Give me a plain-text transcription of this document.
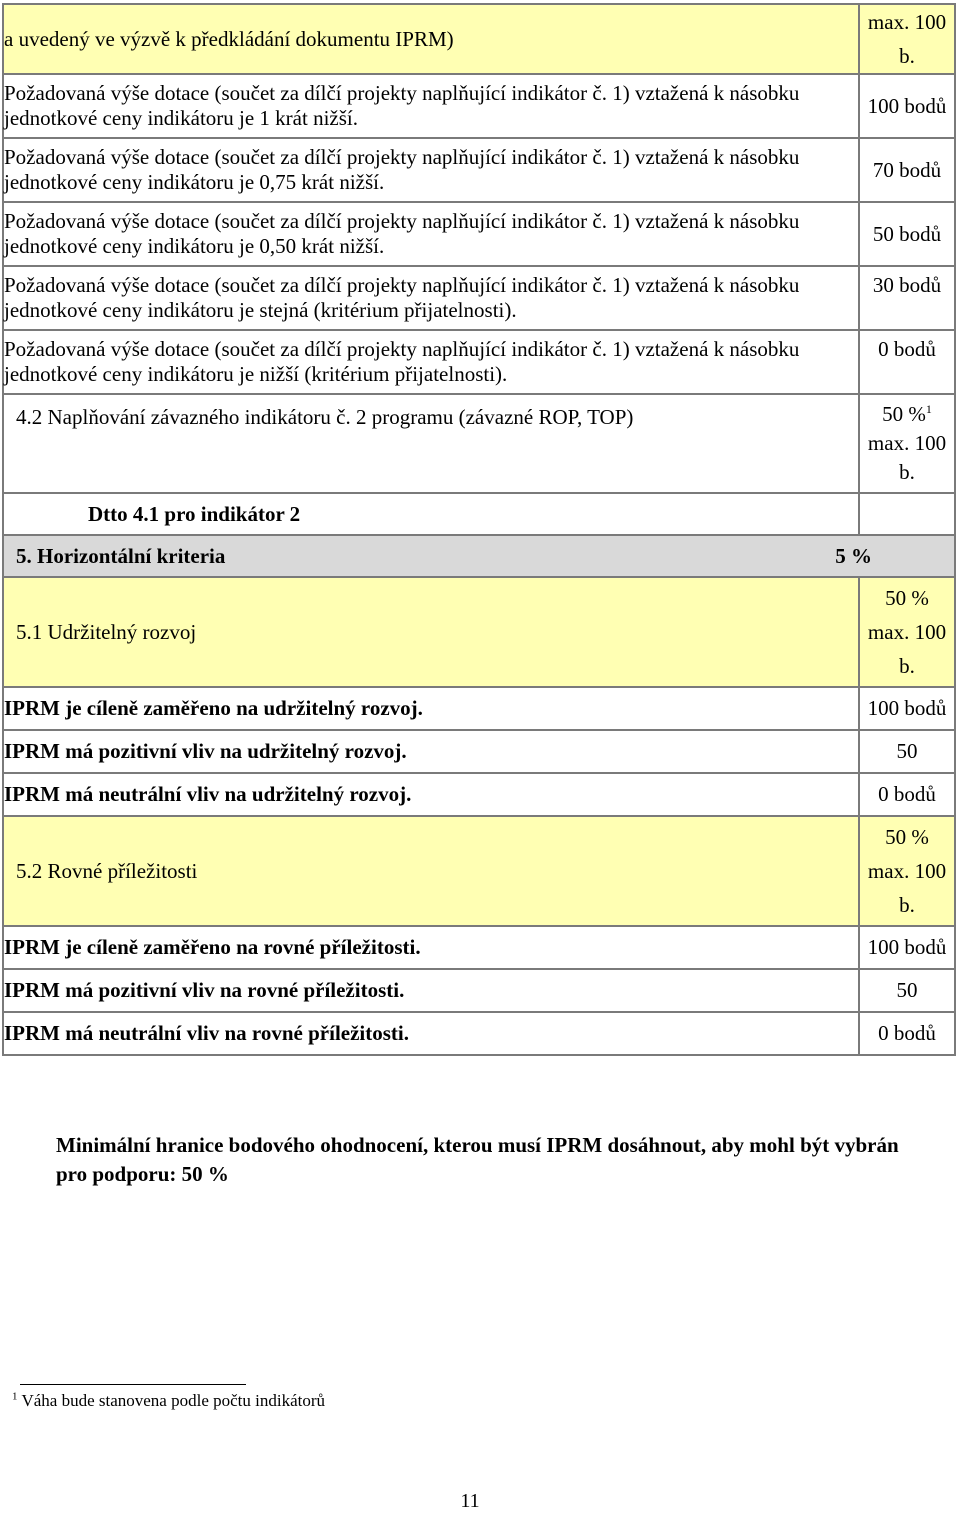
a uvedený ve výzvě k předkládání dokumentu IPRM)	max. 100 b.

Požadovaná výše dotace (součet za dílčí projekty naplňující indikátor č. 1) vztažená k násobku jednotkové ceny indikátoru je 1 krát nižší.	100 bodů

Požadovaná výše dotace (součet za dílčí projekty naplňující indikátor č. 1) vztažená k násobku jednotkové ceny indikátoru je 0,75 krát nižší.	70 bodů

Požadovaná výše dotace (součet za dílčí projekty naplňující indikátor č. 1) vztažená k násobku jednotkové ceny indikátoru je 0,50 krát nižší.	50 bodů

Požadovaná výše dotace (součet za dílčí projekty naplňující indikátor č. 1) vztažená k násobku jednotkové ceny indikátoru je stejná (kritérium přijatelnosti).	30 bodů

Požadovaná výše dotace (součet za dílčí projekty naplňující indikátor č. 1) vztažená k násobku jednotkové ceny indikátoru je nižší (kritérium přijatelnosti).	0 bodů

4.2 Naplňování závazného indikátoru č. 2 programu (závazné ROP, TOP)	50 %$^1$
max. 100 b.
Dtto 4.1 pro indikátor 2	

5. Horizontální kriteria 5 %	

5.1 Udržitelný rozvoj	50 %
max. 100 b.

IPRM je cíleně zaměřeno na udržitelný rozvoj.	100 bodů

IPRM má pozitivní vliv na udržitelný rozvoj.	50

IPRM má neutrální vliv na udržitelný rozvoj.	0 bodů

5.2 Rovné příležitosti	50 %
max. 100 b.

IPRM je cíleně zaměřeno na rovné příležitosti.	100 bodů

IPRM má pozitivní vliv na rovné příležitosti.	50

IPRM má neutrální vliv na rovné příležitosti.	0 bodů
Minimální hranice bodového ohodnocení, kterou musí IPRM dosáhnout, aby mohl být vybrán pro podporu: 50 %
$^1$ Váha bude stanovena podle počtu indikátorů
11
